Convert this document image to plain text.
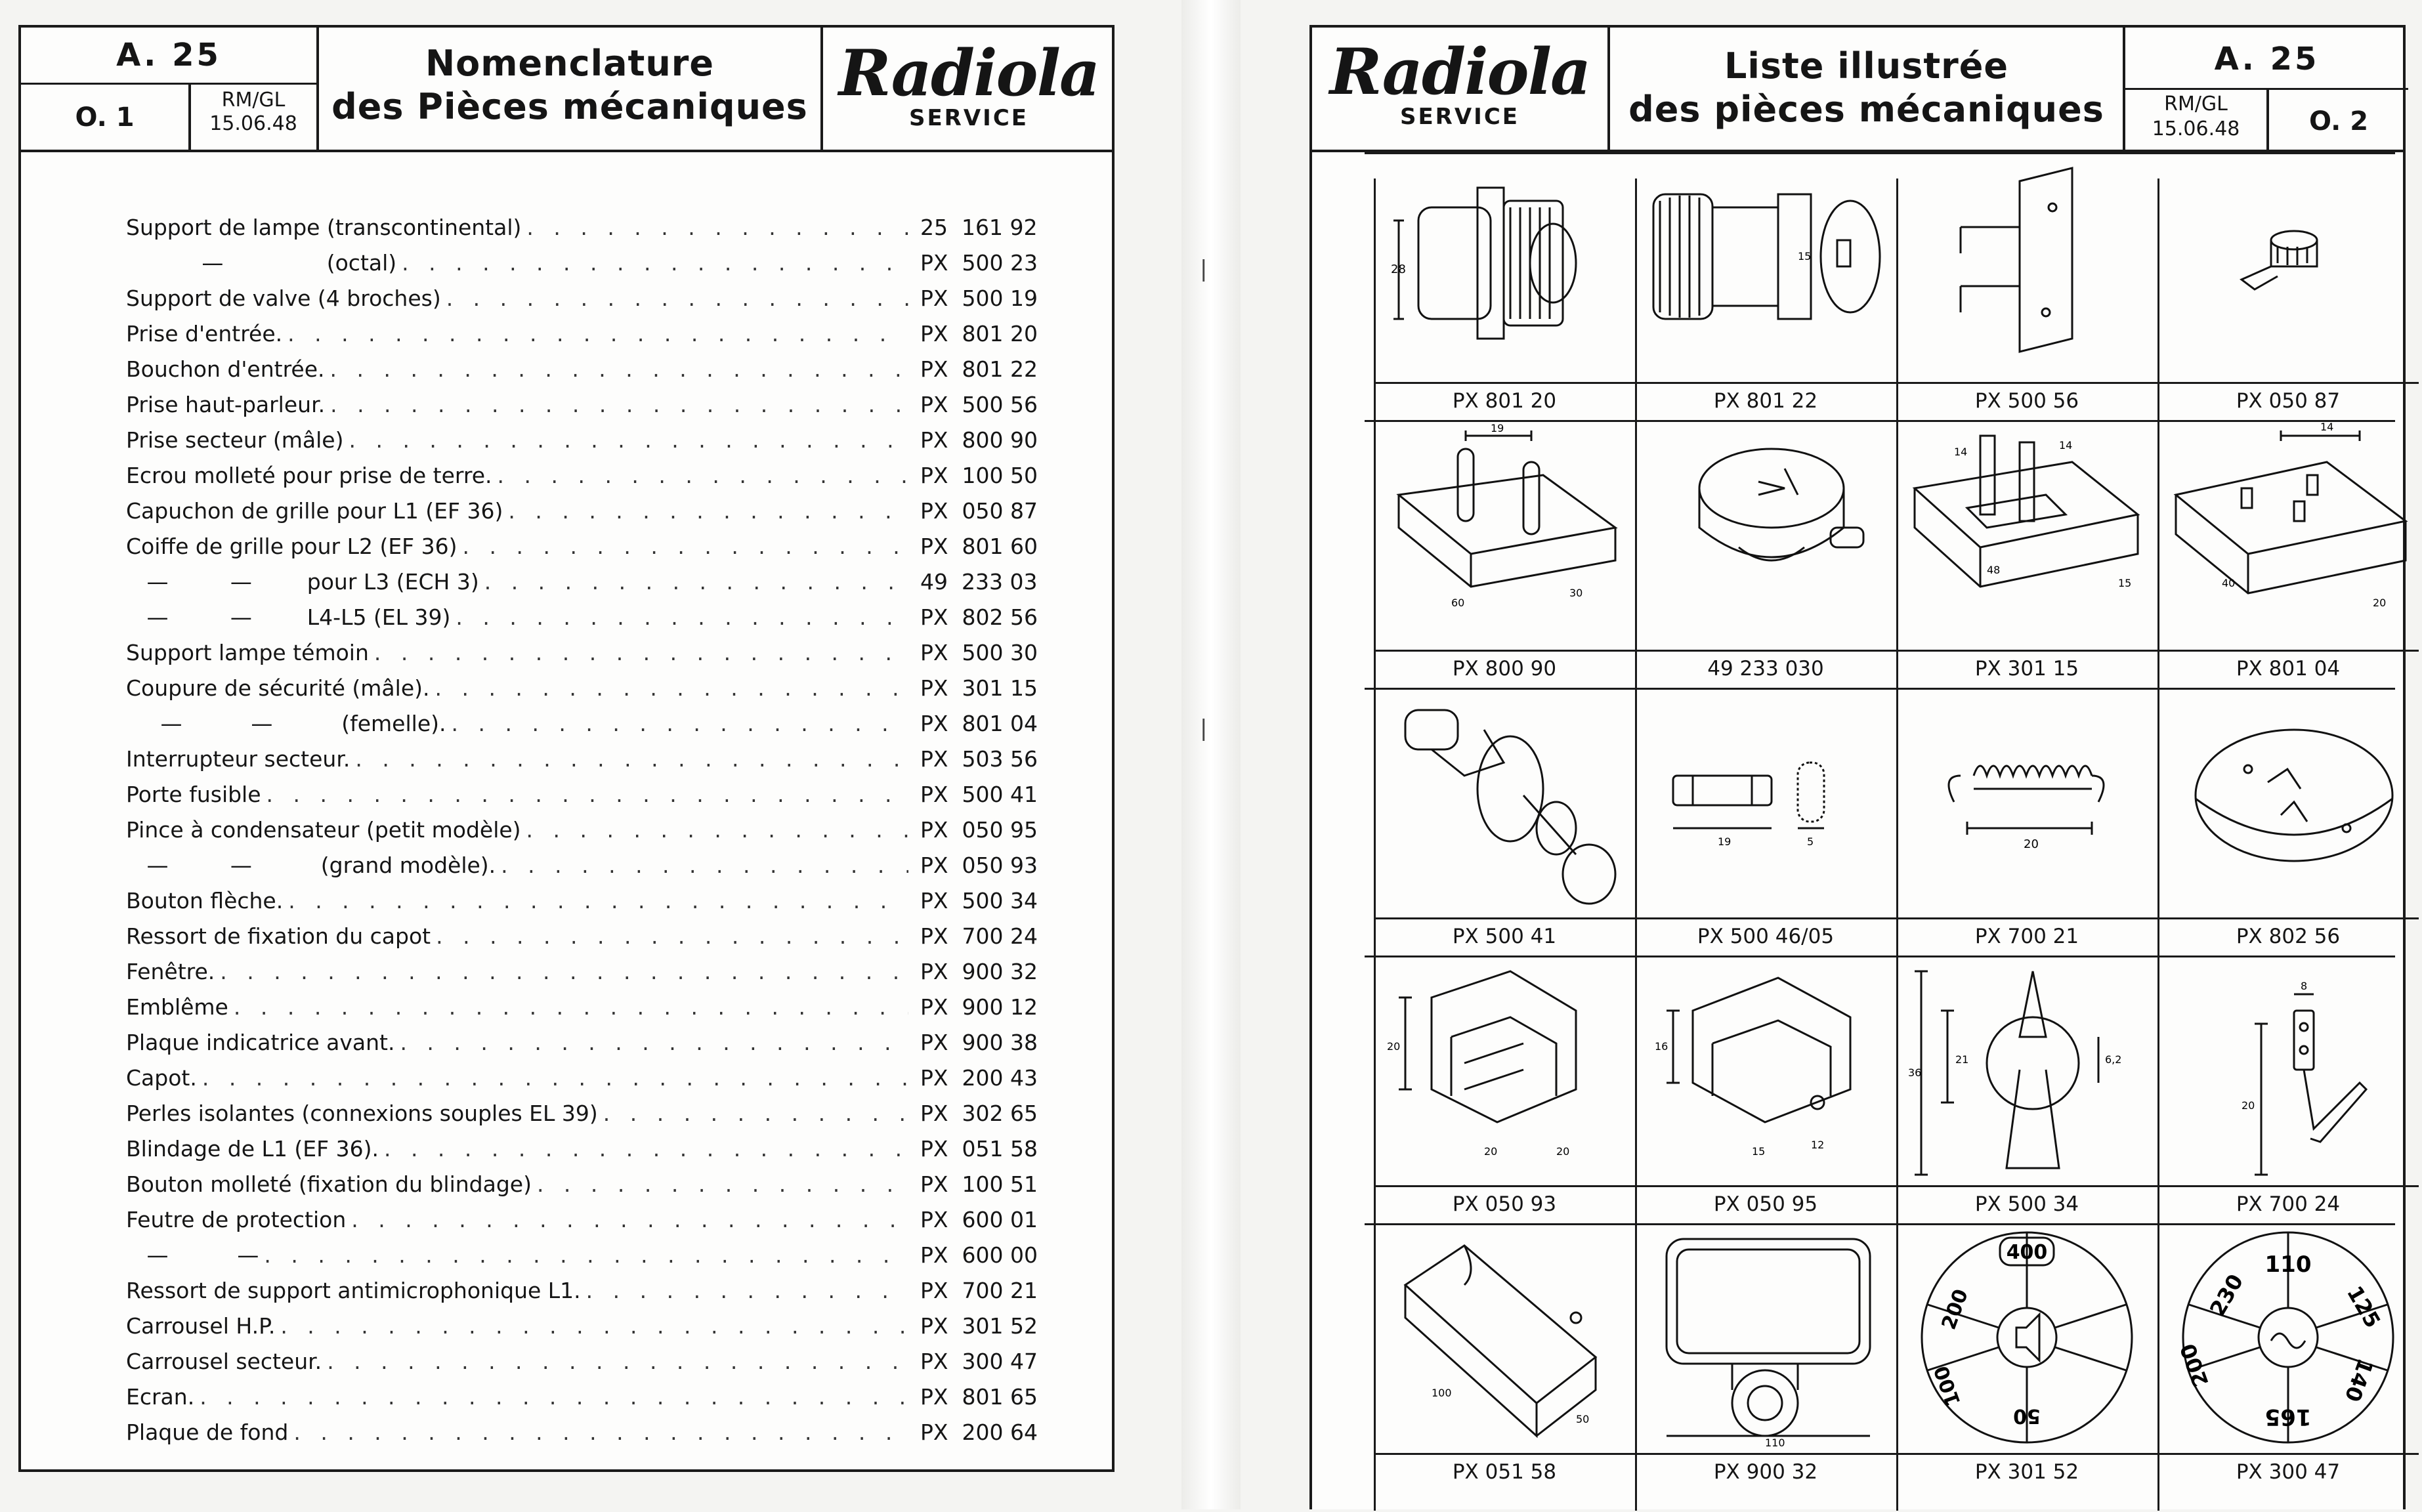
|
|
A. 25
O. 1
RM/GL
15.06.48
Nomenclature
des Pièces mécaniques Radiola
SERVICE
Support de lampe (transcontinental) . . .	25  161 92
—               (octal) . . .	PX  500 23
Support de valve (4 broches) . . .	PX  500 19
Prise d'entrée. . . .	PX  801 20
Bouchon d'entrée. . . .	PX  801 22
Prise haut-parleur. . . .	PX  500 56
Prise secteur (mâle) . . .	PX  800 90
Ecrou molleté pour prise de terre. . . .	PX  100 50
Capuchon de grille pour L1 (EF 36) . . .	PX  050 87
Coiffe de grille pour L2 (EF 36) . . .	PX  801 60
—         —        pour L3 (ECH 3) . . .	49  233 03
—         —        L4-L5 (EL 39) . . .	PX  802 56
Support lampe témoin . . .	PX  500 30
Coupure de sécurité (mâle). . . .	PX  301 15
—          —          (femelle). . . .	PX  801 04
Interrupteur secteur. . . .	PX  503 56
Porte fusible . . .	PX  500 41
Pince à condensateur (petit modèle) . . .	PX  050 95
—         —          (grand modèle). . . .	PX  050 93
Bouton flèche. . . .	PX  500 34
Ressort de fixation du capot . . .	PX  700 24
Fenêtre. . . .	PX  900 32
Emblême . . .	PX  900 12
Plaque indicatrice avant. . . .	PX  900 38
Capot. . . .	PX  200 43
Perles isolantes (connexions souples EL 39) . . .	PX  302 65
Blindage de L1 (EF 36). . . .	PX  051 58
Bouton molleté (fixation du blindage) . . .	PX  100 51
Feutre de protection . . .	PX  600 01
—          — . . .	PX  600 00
Ressort de support antimicrophonique L1. . . .	PX  700 21
Carrousel H.P. . . .	PX  301 52
Carrousel secteur. . . .	PX  300 47
Ecran. . . .	PX  801 65
Plaque de fond . . .	PX  200 64
Radiola
SERVICE
Liste illustrée
des pièces mécaniques
A. 25
RM/GL
15.06.48	O. 2
28
PX 801 20
15
PX 801 22	PX 500 56	PX 050 87
19
60
30
PX 800 90	49 233 030
14
14
48
15
PX 301 15
14
40
20
PX 801 04
PX 500 41
19	5
PX 500 46/05
20
PX 700 21	PX 802 56
20
20	20
PX 050 93
16
15
12
PX 050 95
36
21	6,2
PX 500 34
8
20
PX 700 24
100
50
PX 051 58
110
PX 900 32
400
200
100
50
PX 301 52
110
125
140
165
200
230
PX 300 47
